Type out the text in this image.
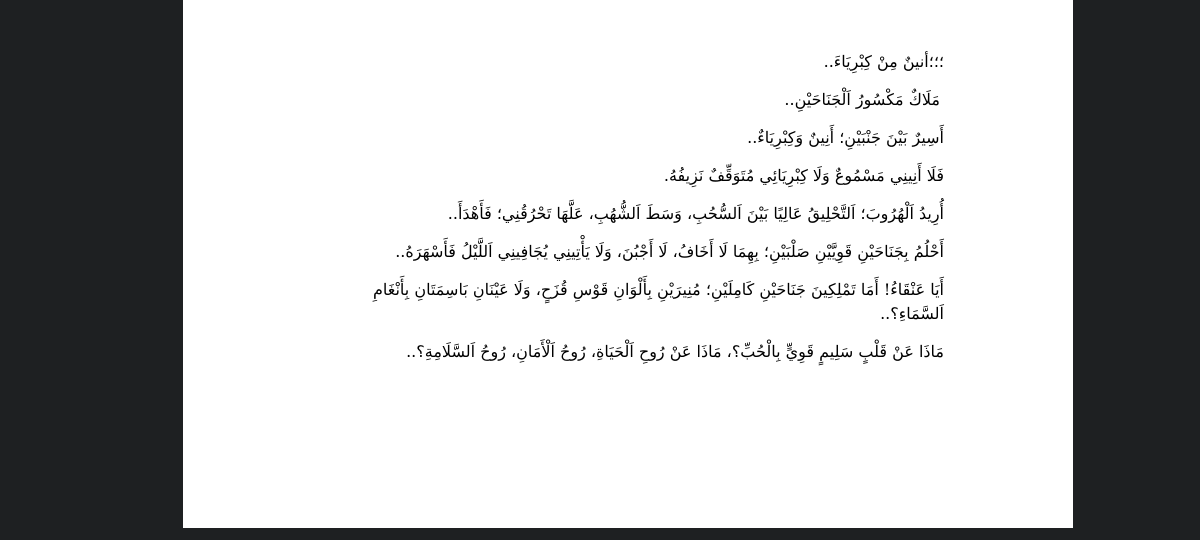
؛؛؛أنينٌ مِنْ كِبْرِيَاءَ..

مَلَاكٌ مَكْسُورُ اَلْجَنَاحَيْنِ..

أَسِيرٌ بَيْنَ جَنْبَيْنِ؛ أَنِينٌ وَكِبْرِيَاءٌ..

فَلَا أَنِينِي مَسْمُوعٌ وَلَا كِبْرِيَائِي مُتَوَقِّفٌ نَزِيفُهُ.

أُرِيدُ اَلْهُرُوبَ؛ اَلتَّحْلِيقُ عَالِيًا بَيْنَ اَلسُّحُبِ، وَسَطَ اَلشُّهُبِ، عَلَّهَا تَحْرُقُنِي؛ فَأَهْدَأَ..

أَحْلُمُ بِجَنَاحَيْنِ قَوِيَّيْنِ صَلْبَيْنِ؛ بِهِمَا لَا أَخَافُ، لَا أَجْبُنَ، وَلَا يَأْتِينِي يُجَافِينِي اَللَّيْلُ فَأَسْهَرَهُ..

أَيَا عَنْقَاءُ! أَمَا تَمْلِكِينَ جَنَاحَيْنِ كَامِلَيْنِ؛ مُنِيرَيْنِ بِأَلْوَانِ قَوْسِ قُزَحٍ، وَلَا عَيْنَانِ بَاسِمَتَانِ بِأَنْغَامِ اَلسَّمَاءِ؟..

مَاذَا عَنْ قَلْبٍ سَلِيمٍ قَوِيٍّ بِالْحُبِّ؟، مَاذَا عَنْ رُوحِ اَلْحَيَاةِ، رُوحُ اَلْأَمَانِ، رُوحُ اَلسَّلَامِةِ؟..
